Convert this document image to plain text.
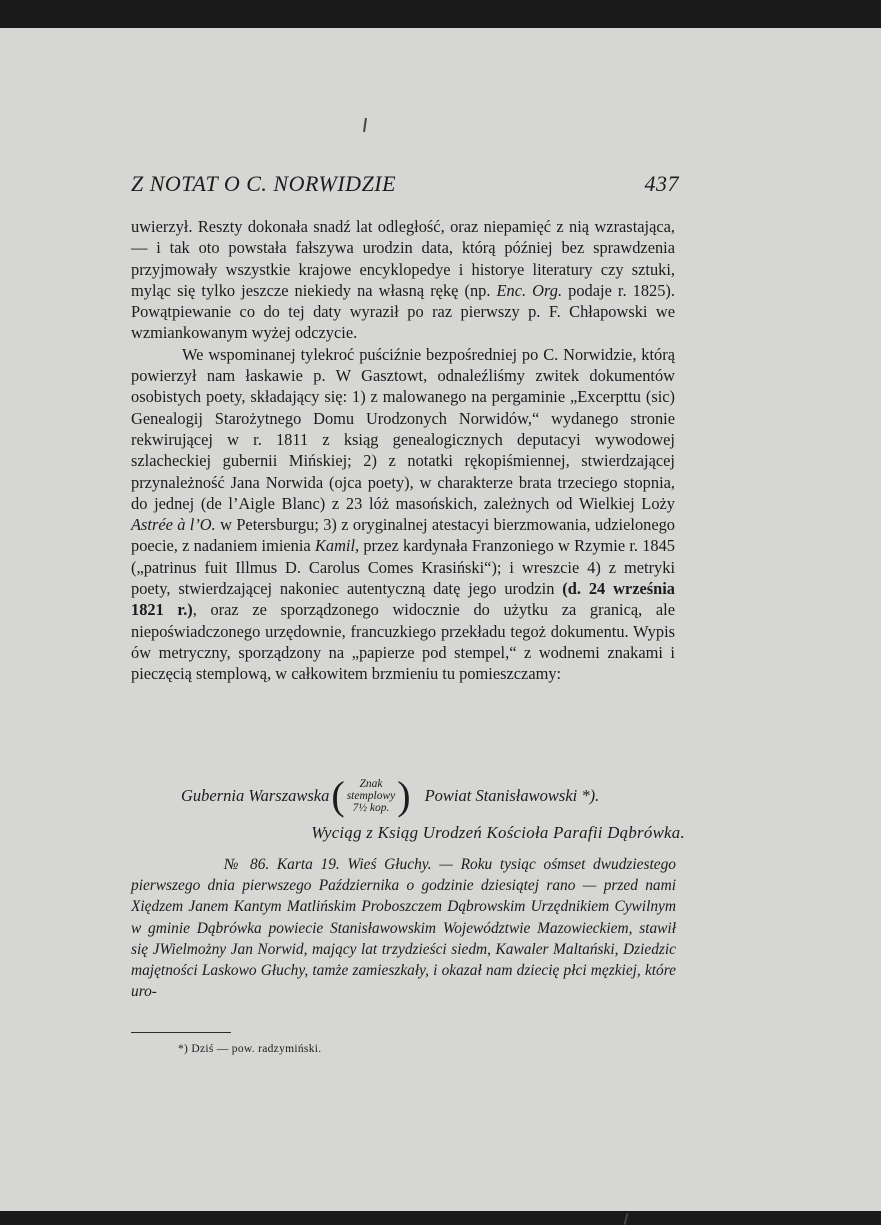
Z NOTAT O C. NORWIDZIE	437

uwierzył. Reszty dokonała snadź lat odległość, oraz niepamięć z nią wzrastająca, — i tak oto powstała fałszywa urodzin data, którą później bez sprawdzenia przyjmowały wszystkie krajowe encyklopedye i historye literatury czy sztuki, myląc się tylko jeszcze niekiedy na własną rękę (np. Enc. Org. podaje r. 1825). Powątpiewanie co do tej daty wyraził po raz pierwszy p. F. Chłapowski we wzmiankowanym wyżej odczycie.

We wspominanej tylekroć puściźnie bezpośredniej po C. Norwidzie, którą powierzył nam łaskawie p. W Gasztowt, odnaleźliśmy zwitek dokumentów osobistych poety, składający się: 1) z malowanego na pergaminie „Excerpttu (sic) Genealogij Starożytnego Domu Urodzonych Norwidów,“ wydanego stronie rekwirującej w r. 1811 z ksiąg genealogicznych deputacyi wywodowej szlacheckiej gubernii Mińskiej; 2) z notatki rękopiśmiennej, stwierdzającej przynależność Jana Norwida (ojca poety), w charakterze brata trzeciego stopnia, do jednej (de l’Aigle Blanc) z 23 lóż masońskich, zależnych od Wielkiej Loży Astrée à l’O. w Petersburgu; 3) z oryginalnej atestacyi bierzmowania, udzielonego poecie, z nadaniem imienia Kamil, przez kardynała Franzoniego w Rzymie r. 1845 („patrinus fuit Illmus D. Carolus Comes Krasiński“); i wreszcie 4) z metryki poety, stwierdzającej nakoniec autentyczną datę jego urodzin (d. 24 września 1821 r.), oraz ze sporządzonego widocznie do użytku za granicą, ale niepoświadczonego urzędownie, francuzkiego przekładu tegoż dokumentu. Wypis ów metryczny, sporządzony na „papierze pod stempel,“ z wodnemi znakami i pieczęcią stemplową, w całkowitem brzmieniu tu pomieszczamy:

Gubernia Warszawska ( Znak
stemplowy
7½ kop. ) Powiat Stanisławowski *).
Wyciąg z Ksiąg Urodzeń Kościoła Parafii Dąbrówka.
№ 86. Karta 19. Wieś Głuchy. — Roku tysiąc ośmset dwudziestego pierwszego dnia pierwszego Października o godzinie dziesiątej rano — przed nami Xiędzem Janem Kantym Matlińskim Proboszczem Dąbrowskim Urzędnikiem Cywilnym w gminie Dąbrówka powiecie Stanisławowskim Województwie Mazowieckiem, stawił się JWielmożny Jan Norwid, mający lat trzydzieści siedm, Kawaler Maltański, Dziedzic majętności Laskowo Głuchy, tamże zamieszkały, i okazał nam dziecię płci męzkiej, które uro-
*) Dziś — pow. radzymiński.
